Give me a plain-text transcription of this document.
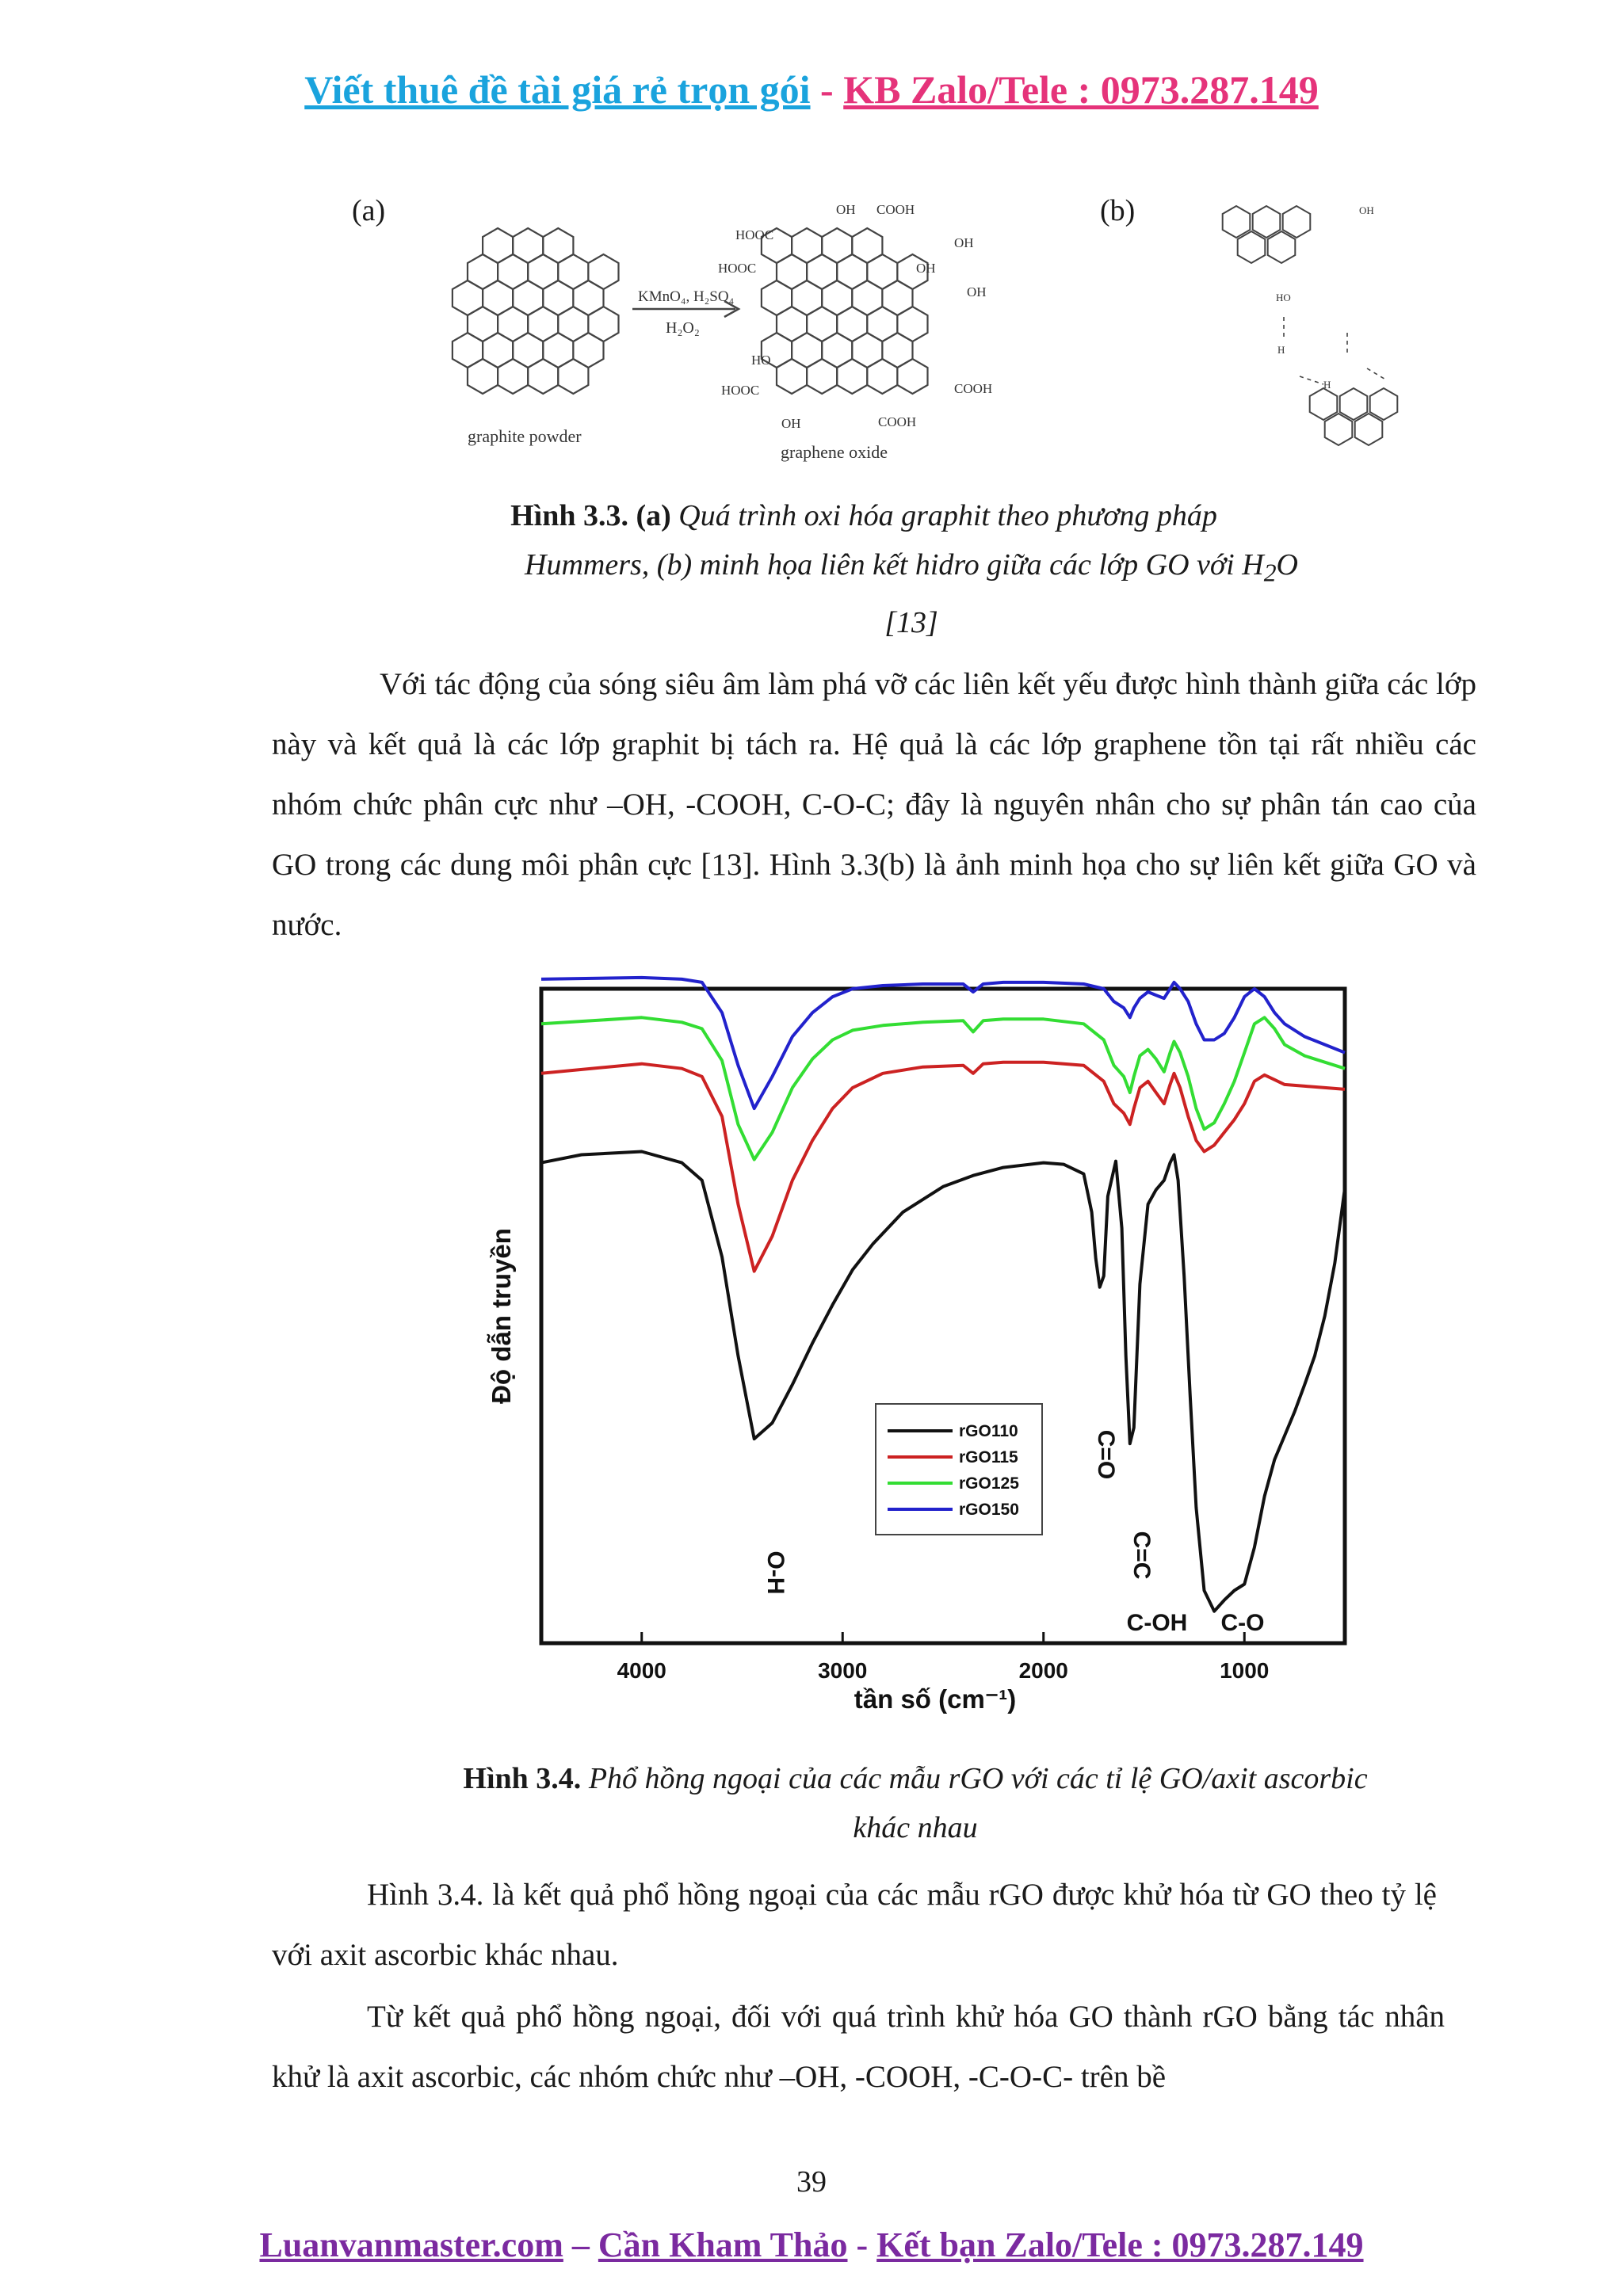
Viết thuê đề tài giá rẻ trọn gói - KB Zalo/Tele : 0973.287.149
(a)	(b)
KMnO₄, H₂SO₄
H₂O₂
graphite powder
graphene oxide
OH COOH
HOOC
HOOC
OH
OH
HO
HOOC
OH	COOH
COOH
OH
OH
HO
H
H
Hình 3.3. (a) Quá trình oxi hóa graphit theo phương pháp
Hummers, (b) minh họa liên kết hidro giữa các lớp GO với $H_2O$
[13]
Với tác động của sóng siêu âm làm phá vỡ các liên kết yếu được hình thành giữa các lớp này và kết quả là các lớp graphit bị tách ra. Hệ quả là các lớp graphene tồn tại rất nhiều các nhóm chức phân cực như –OH, -COOH, C-O-C; đây là nguyên nhân cho sự phân tán cao của GO trong các dung môi phân cực [13]. Hình 3.3(b) là ảnh minh họa cho sự liên kết giữa GO và nước.
4000	3000	2000	1000
tần số (cm⁻¹)
Độ dẫn truyền
rGO110
rGO115
rGO125
rGO150
O-H
C=O
C=C
C-OH C-O
Hình 3.4. Phổ hồng ngoại của các mẫu rGO với các tỉ lệ GO/axit ascorbic
khác nhau
Hình 3.4. là kết quả phổ hồng ngoại của các mẫu rGO được khử hóa từ GO theo tỷ lệ với axit ascorbic khác nhau.
Từ kết quả phổ hồng ngoại, đối với quá trình khử hóa GO thành rGO bằng tác nhân khử là axit ascorbic, các nhóm chức như –OH, -COOH, -C-O-C- trên bề
39
Luanvanmaster.com – Cần Kham Thảo - Kết bạn Zalo/Tele : 0973.287.149
